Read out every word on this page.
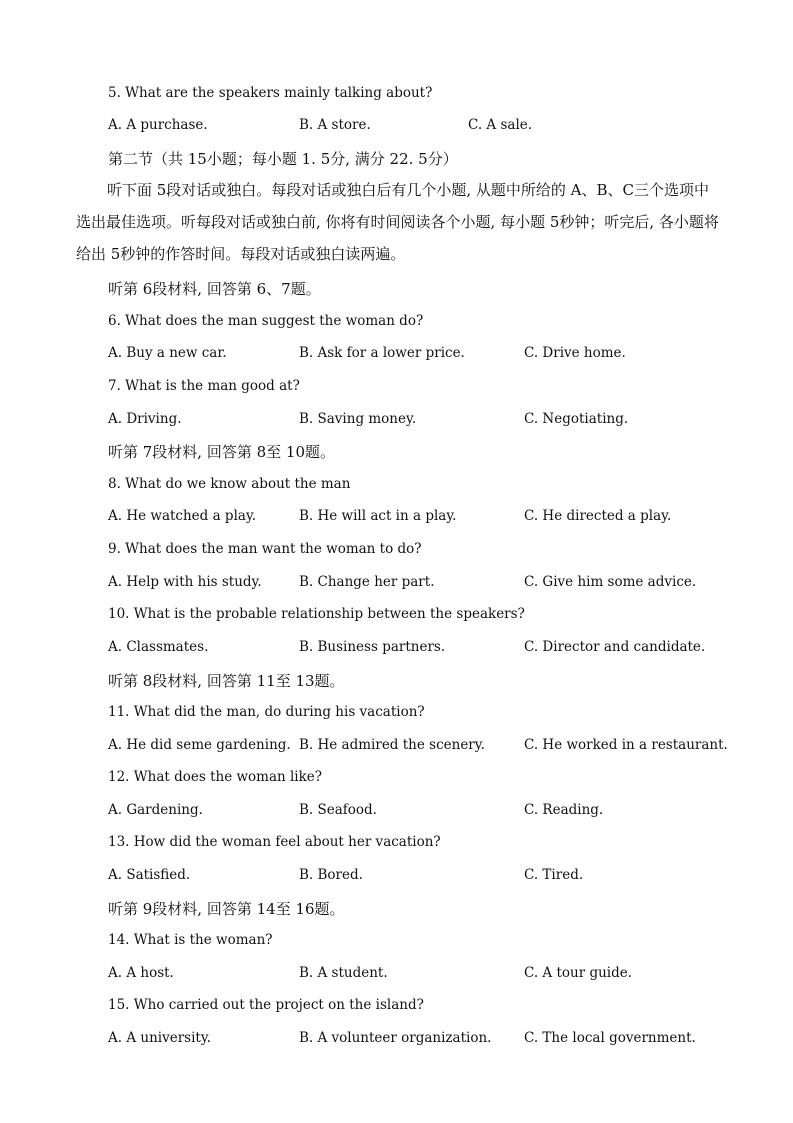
5. What are the speakers mainly talking about?
A. A purchase.	B. A store.	C. A sale.
第二节（共 15小题；每小题 1. 5分, 满分 22. 5分）
听下面 5段对话或独白。每段对话或独白后有几个小题, 从题中所给的 A、B、C三个选项中选出最佳选项。听每段对话或独白前, 你将有时间阅读各个小题, 每小题 5秒钟；听完后, 各小题将给出 5秒钟的作答时间。每段对话或独白读两遍。
听第 6段材料, 回答第 6、7题。
6. What does the man suggest the woman do?
A. Buy a new car.	B. Ask for a lower price.	C. Drive home.
7. What is the man good at?
A. Driving.	B. Saving money.	C. Negotiating.
听第 7段材料, 回答第 8至 10题。
8. What do we know about the man
A. He watched a play.	B. He will act in a play.	C. He directed a play.
9. What does the man want the woman to do?
A. Help with his study.	B. Change her part.	C. Give him some advice.
10. What is the probable relationship between the speakers?
A. Classmates.	B. Business partners.	C. Director and candidate.
听第 8段材料, 回答第 11至 13题。
11. What did the man, do during his vacation?
A. He did seme gardening. B. He admired the scenery.	C. He worked in a restaurant.
12. What does the woman like?
A. Gardening.	B. Seafood.	C. Reading.
13. How did the woman feel about her vacation?
A. Satisfied.	B. Bored.	C. Tired.
听第 9段材料, 回答第 14至 16题。
14. What is the woman?
A. A host.	B. A student.	C. A tour guide.
15. Who carried out the project on the island?
A. A university.	B. A volunteer organization. C. The local government.
